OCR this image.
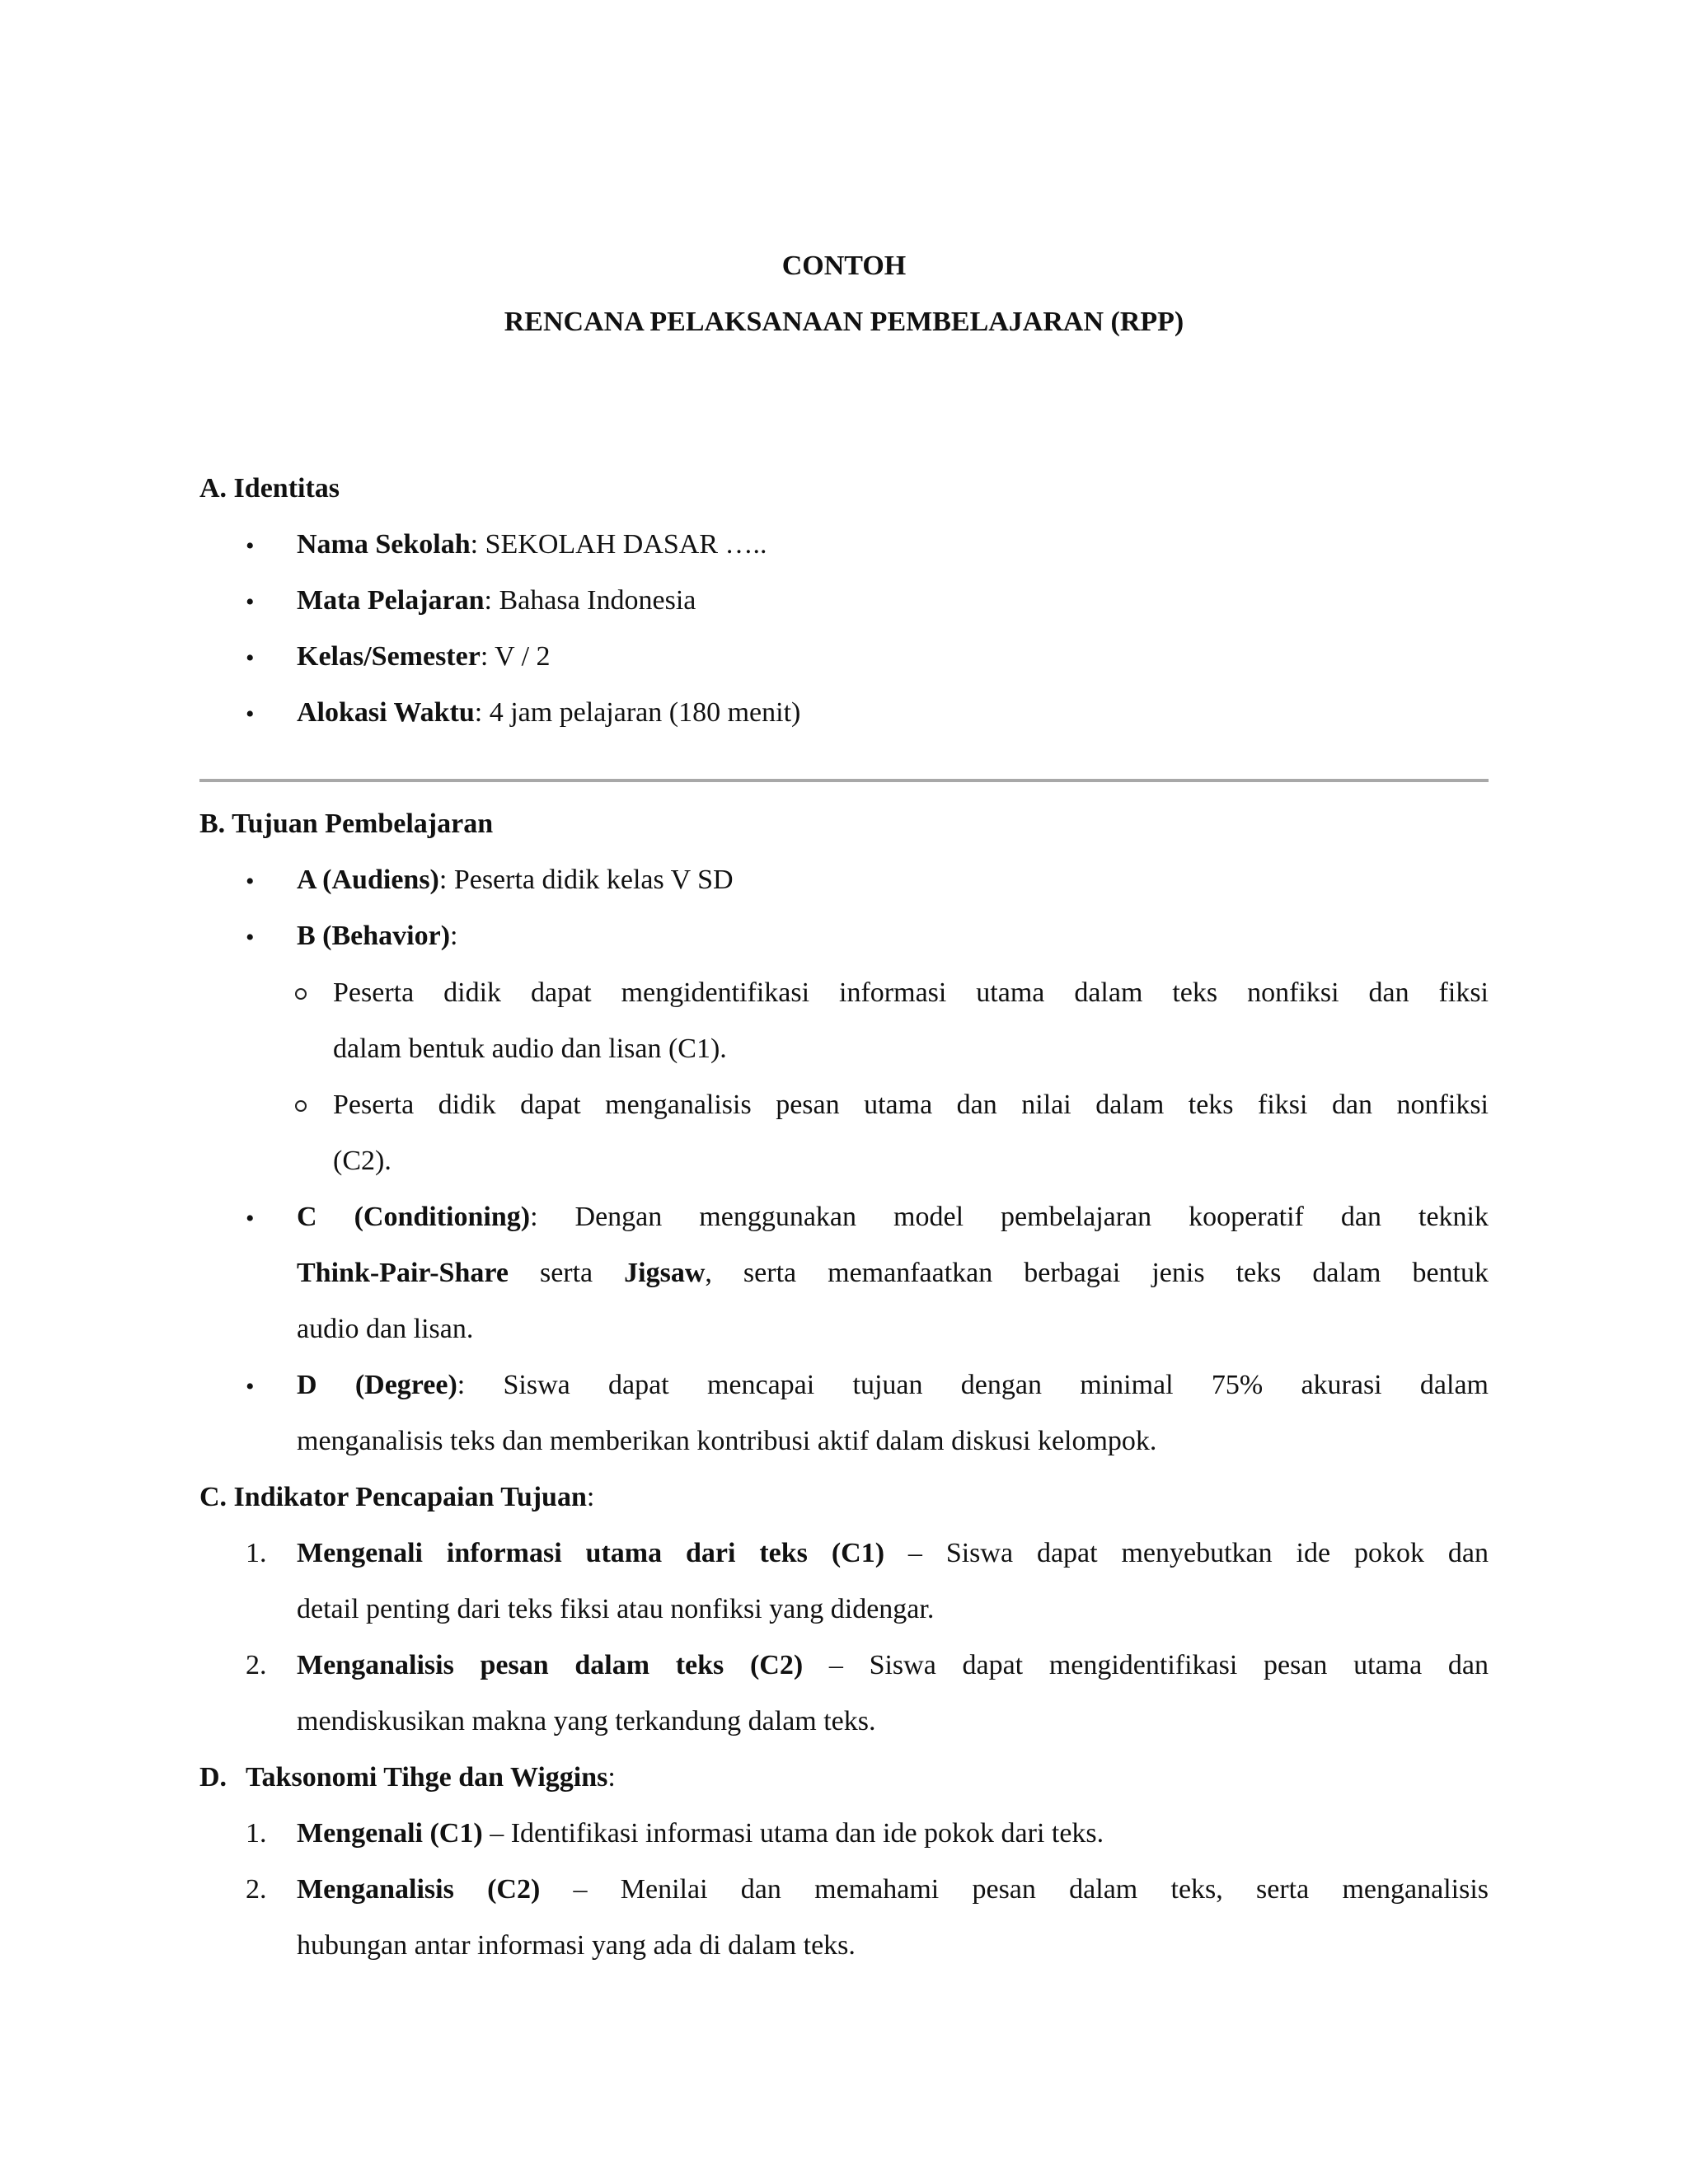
CONTOH
RENCANA PELAKSANAAN PEMBELAJARAN (RPP)
A. Identitas
• Nama Sekolah: SEKOLAH DASAR …..
• Mata Pelajaran: Bahasa Indonesia
• Kelas/Semester: V / 2
• Alokasi Waktu: 4 jam pelajaran (180 menit)
B. Tujuan Pembelajaran
• A (Audiens): Peserta didik kelas V SD
• B (Behavior):
Peserta didik dapat mengidentifikasi informasi utama dalam teks nonfiksi dan fiksi
dalam bentuk audio dan lisan (C1).
Peserta didik dapat menganalisis pesan utama dan nilai dalam teks fiksi dan nonfiksi
(C2).
• C (Conditioning): Dengan menggunakan model pembelajaran kooperatif dan teknik
Think-Pair-Share serta Jigsaw, serta memanfaatkan berbagai jenis teks dalam bentuk
audio dan lisan.
• D (Degree): Siswa dapat mencapai tujuan dengan minimal 75% akurasi dalam
menganalisis teks dan memberikan kontribusi aktif dalam diskusi kelompok.
C. Indikator Pencapaian Tujuan:
1. Mengenali informasi utama dari teks (C1) – Siswa dapat menyebutkan ide pokok dan
detail penting dari teks fiksi atau nonfiksi yang didengar.
2. Menganalisis pesan dalam teks (C2) – Siswa dapat mengidentifikasi pesan utama dan
mendiskusikan makna yang terkandung dalam teks.
D. Taksonomi Tihge dan Wiggins:
1. Mengenali (C1) – Identifikasi informasi utama dan ide pokok dari teks.
2. Menganalisis (C2) – Menilai dan memahami pesan dalam teks, serta menganalisis
hubungan antar informasi yang ada di dalam teks.
